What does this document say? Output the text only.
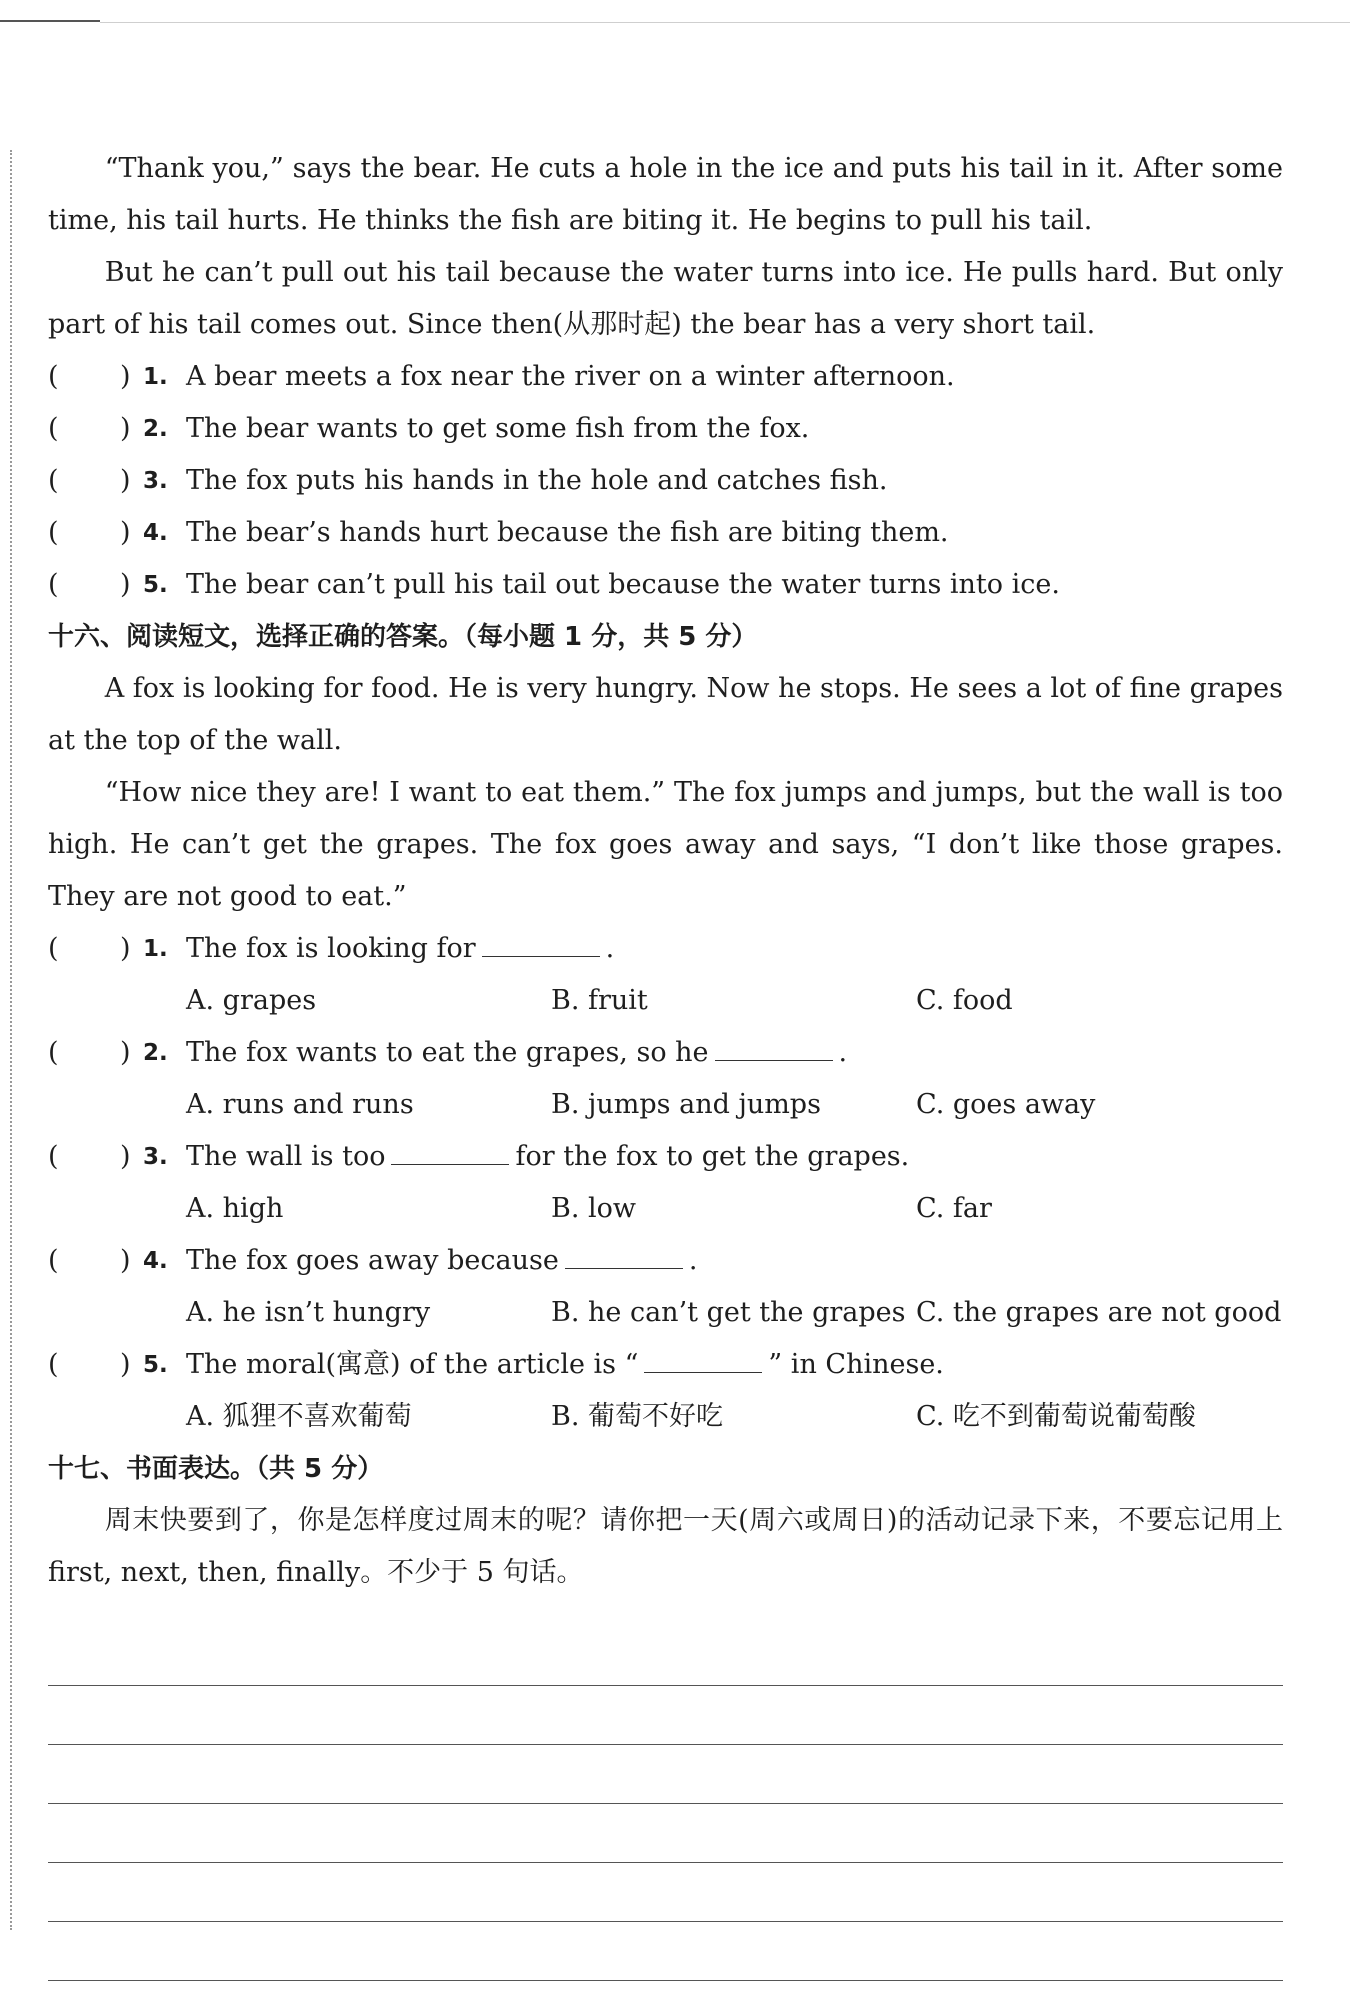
“Thank you,” says the bear. He cuts a hole in the ice and puts his tail in it. After some time, his tail hurts. He thinks the fish are biting it. He begins to pull his tail.

But he can’t pull out his tail because the water turns into ice. He pulls hard. But only part of his tail comes out. Since then(从那时起) the bear has a very short tail.

( ) 1. A bear meets a fox near the river on a winter afternoon.
( ) 2. The bear wants to get some fish from the fox.
( ) 3. The fox puts his hands in the hole and catches fish.
( ) 4. The bear’s hands hurt because the fish are biting them.
( ) 5. The bear can’t pull his tail out because the water turns into ice.
十六、阅读短文，选择正确的答案。（每小题 1 分，共 5 分）

A fox is looking for food. He is very hungry. Now he stops. He sees a lot of fine grapes at the top of the wall.

“How nice they are! I want to eat them.” The fox jumps and jumps, but the wall is too high. He can’t get the grapes. The fox goes away and says, “I don’t like those grapes. They are not good to eat.”

( ) 1. The fox is looking for	.
A. grapes	B. fruit	C. food
( ) 2. The fox wants to eat the grapes, so he	.
A. runs and runs	B. jumps and jumps	C. goes away
( ) 3. The wall is too	for the fox to get the grapes.
A. high	B. low	C. far
( ) 4. The fox goes away because	.
A. he isn’t hungry	B. he can’t get the grapes C. the grapes are not good
( ) 5. The moral(寓意) of the article is “	” in Chinese.
A. 狐狸不喜欢葡萄	B. 葡萄不好吃	C. 吃不到葡萄说葡萄酸
十七、书面表达。（共 5 分）

周末快要到了，你是怎样度过周末的呢？请你把一天(周六或周日)的活动记录下来，不要忘记用上 first, next, then, finally。不少于 5 句话。
